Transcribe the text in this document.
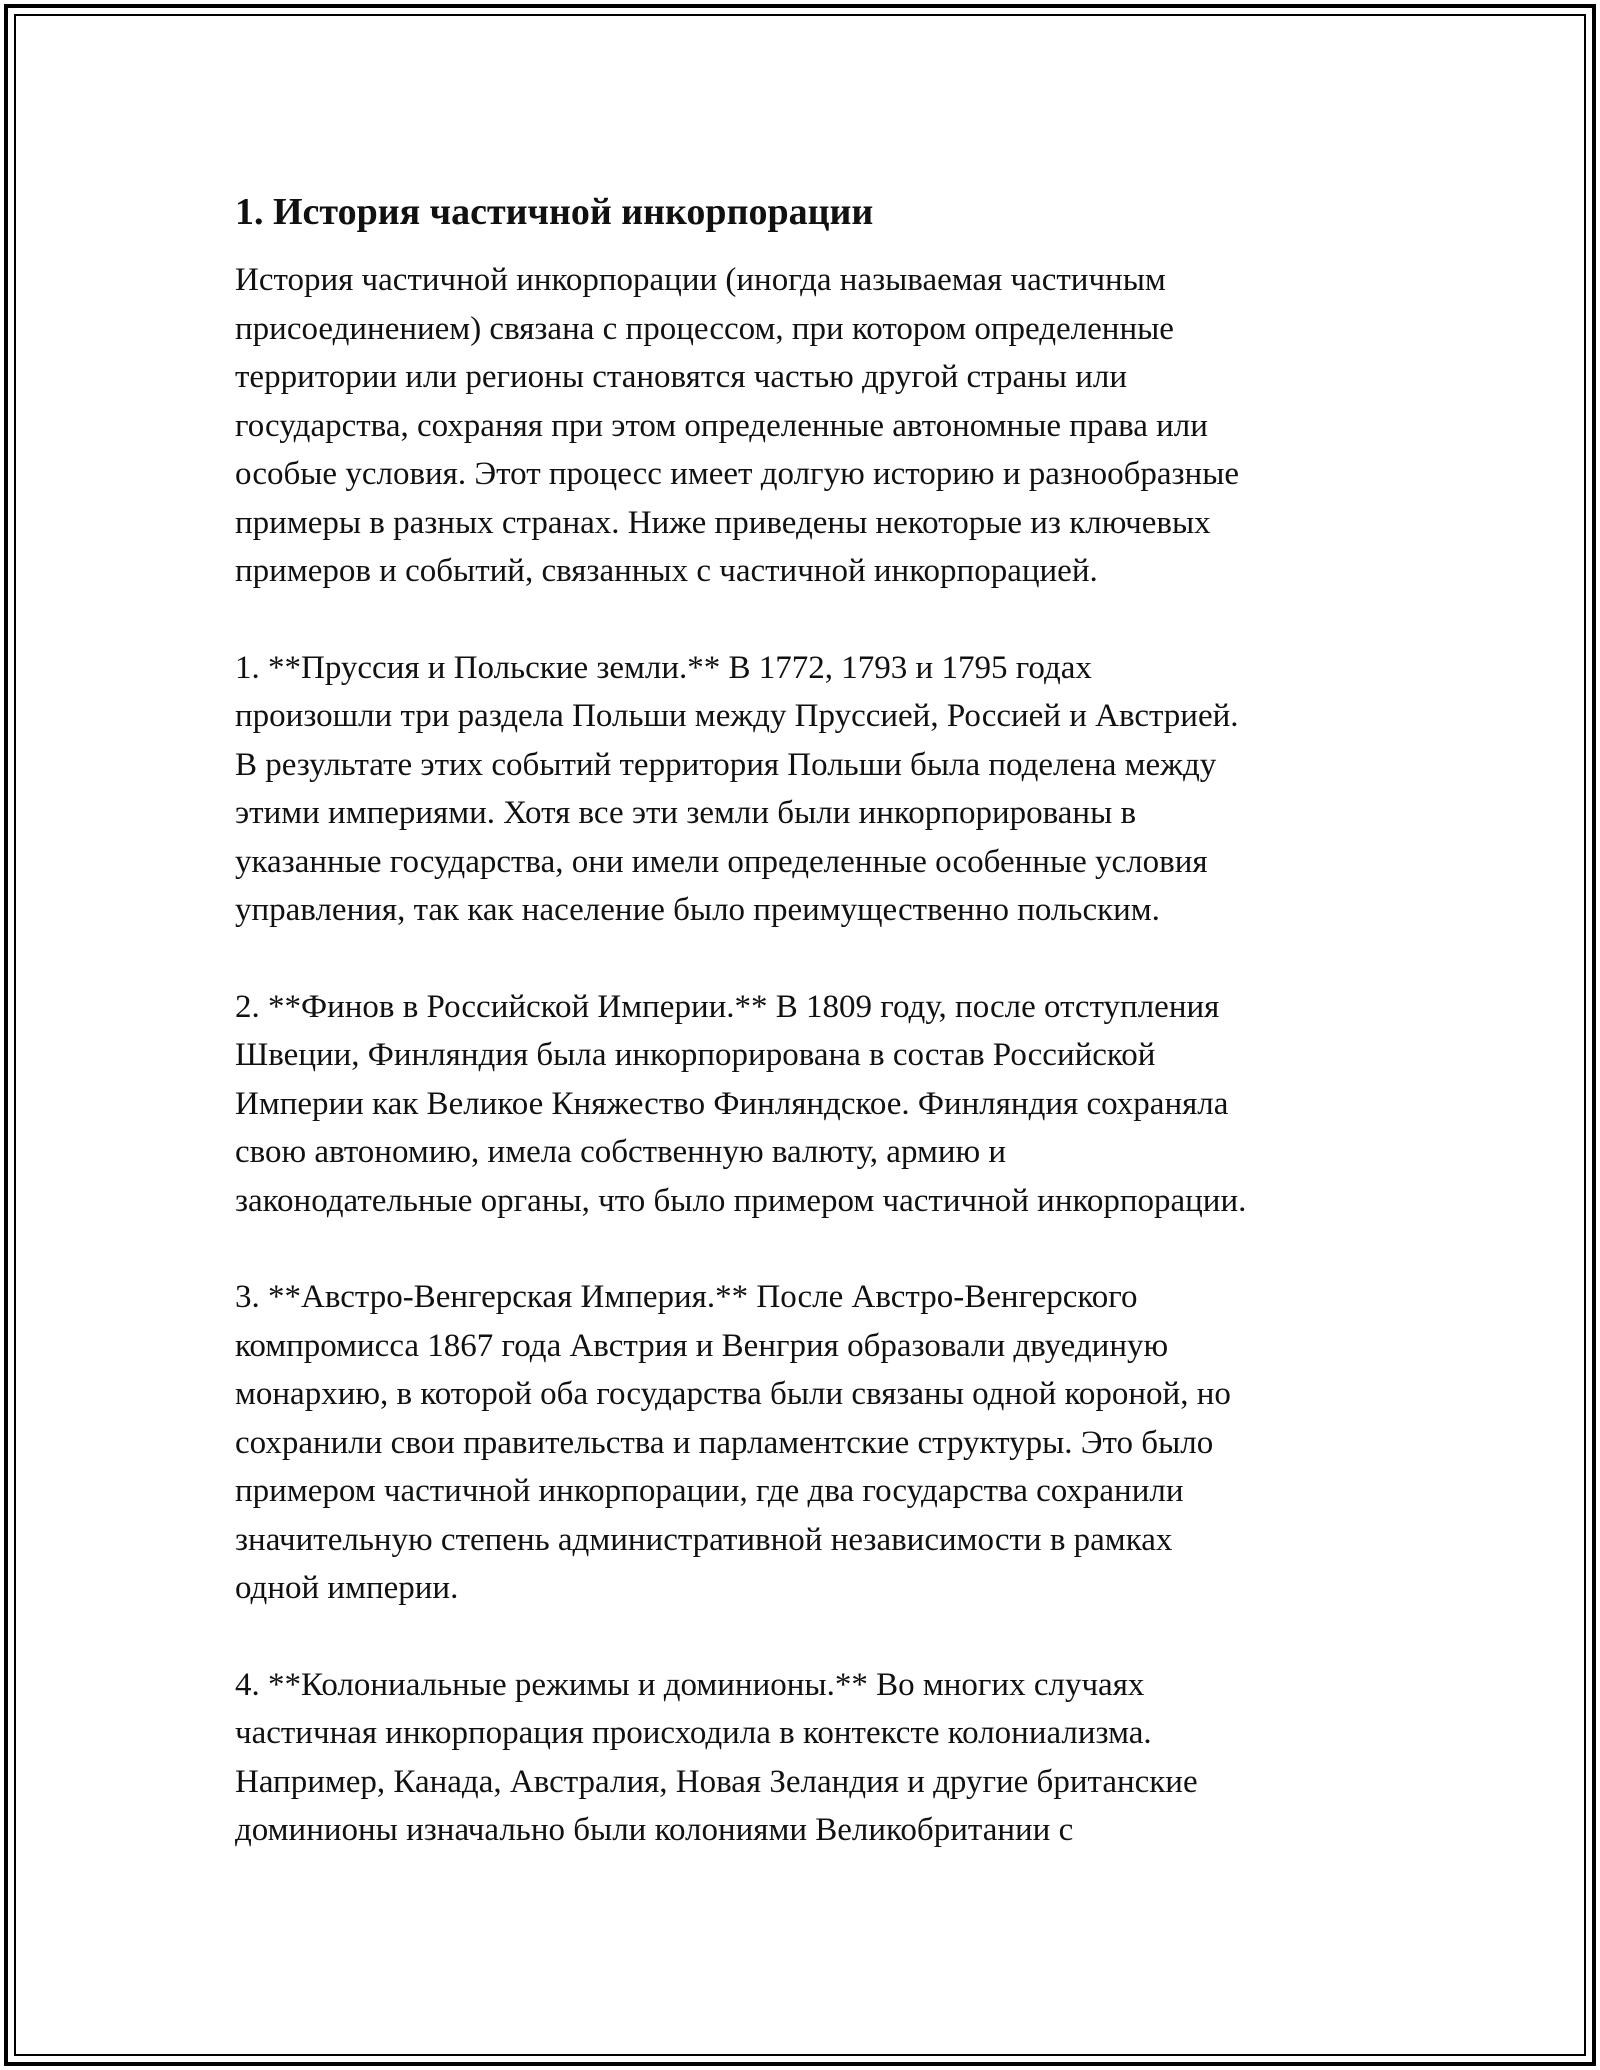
1. История частичной инкорпорации
История частичной инкорпорации (иногда называемая частичным
присоединением) связана с процессом, при котором определенные
территории или регионы становятся частью другой страны или
государства, сохраняя при этом определенные автономные права или
особые условия. Этот процесс имеет долгую историю и разнообразные
примеры в разных странах. Ниже приведены некоторые из ключевых
примеров и событий, связанных с частичной инкорпорацией.
1. **Пруссия и Польские земли.** В 1772, 1793 и 1795 годах
произошли три раздела Польши между Пруссией, Россией и Австрией.
В результате этих событий территория Польши была поделена между
этими империями. Хотя все эти земли были инкорпорированы в
указанные государства, они имели определенные особенные условия
управления, так как население было преимущественно польским.
2. **Финов в Российской Империи.** В 1809 году, после отступления
Швеции, Финляндия была инкорпорирована в состав Российской
Империи как Великое Княжество Финляндское. Финляндия сохраняла
свою автономию, имела собственную валюту, армию и
законодательные органы, что было примером частичной инкорпорации.
3. **Австро-Венгерская Империя.** После Австро-Венгерского
компромисса 1867 года Австрия и Венгрия образовали двуединую
монархию, в которой оба государства были связаны одной короной, но
сохранили свои правительства и парламентские структуры. Это было
примером частичной инкорпорации, где два государства сохранили
значительную степень административной независимости в рамках
одной империи.
4. **Колониальные режимы и доминионы.** Во многих случаях
частичная инкорпорация происходила в контексте колониализма.
Например, Канада, Австралия, Новая Зеландия и другие британские
доминионы изначально были колониями Великобритании с
